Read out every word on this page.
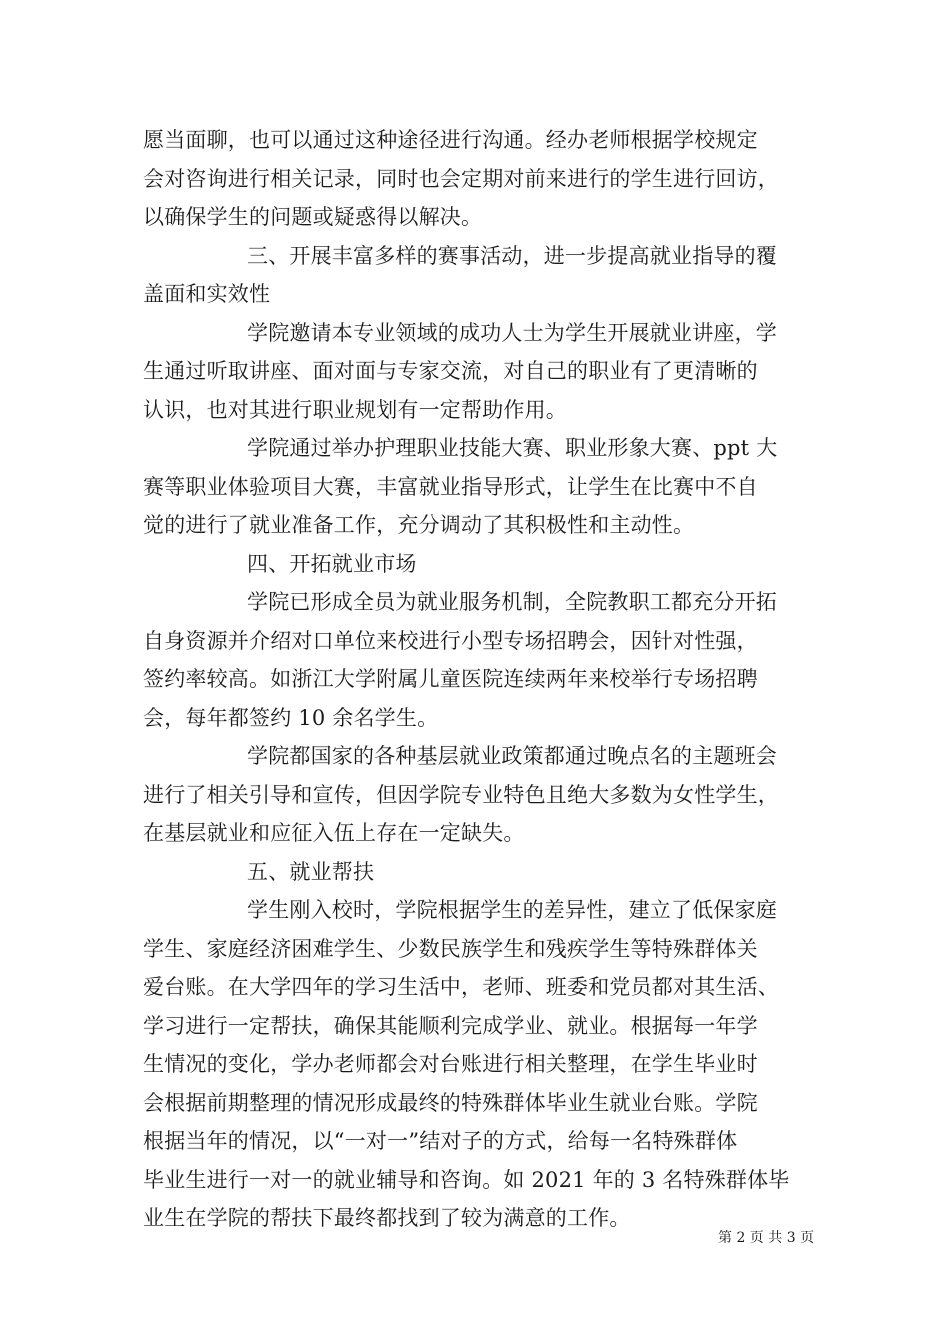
愿当面聊，也可以通过这种途径进行沟通。经办老师根据学校规定
会对咨询进行相关记录，同时也会定期对前来进行的学生进行回访，
以确保学生的问题或疑惑得以解决。
三、开展丰富多样的赛事活动，进一步提高就业指导的覆
盖面和实效性
学院邀请本专业领域的成功人士为学生开展就业讲座，学
生通过听取讲座、面对面与专家交流，对自己的职业有了更清晰的
认识，也对其进行职业规划有一定帮助作用。
学院通过举办护理职业技能大赛、职业形象大赛、ppt 大
赛等职业体验项目大赛，丰富就业指导形式，让学生在比赛中不自
觉的进行了就业准备工作，充分调动了其积极性和主动性。
四、开拓就业市场
学院已形成全员为就业服务机制，全院教职工都充分开拓
自身资源并介绍对口单位来校进行小型专场招聘会，因针对性强，
签约率较高。如浙江大学附属儿童医院连续两年来校举行专场招聘
会，每年都签约 10 余名学生。
学院都国家的各种基层就业政策都通过晚点名的主题班会
进行了相关引导和宣传，但因学院专业特色且绝大多数为女性学生，
在基层就业和应征入伍上存在一定缺失。
五、就业帮扶
学生刚入校时，学院根据学生的差异性，建立了低保家庭
学生、家庭经济困难学生、少数民族学生和残疾学生等特殊群体关
爱台账。在大学四年的学习生活中，老师、班委和党员都对其生活、
学习进行一定帮扶，确保其能顺利完成学业、就业。根据每一年学
生情况的变化，学办老师都会对台账进行相关整理，在学生毕业时
会根据前期整理的情况形成最终的特殊群体毕业生就业台账。学院
根据当年的情况，以“一对一”结对子的方式，给每一名特殊群体
毕业生进行一对一的就业辅导和咨询。如 2021 年的 3 名特殊群体毕
业生在学院的帮扶下最终都找到了较为满意的工作。
第 2 页 共 3 页
